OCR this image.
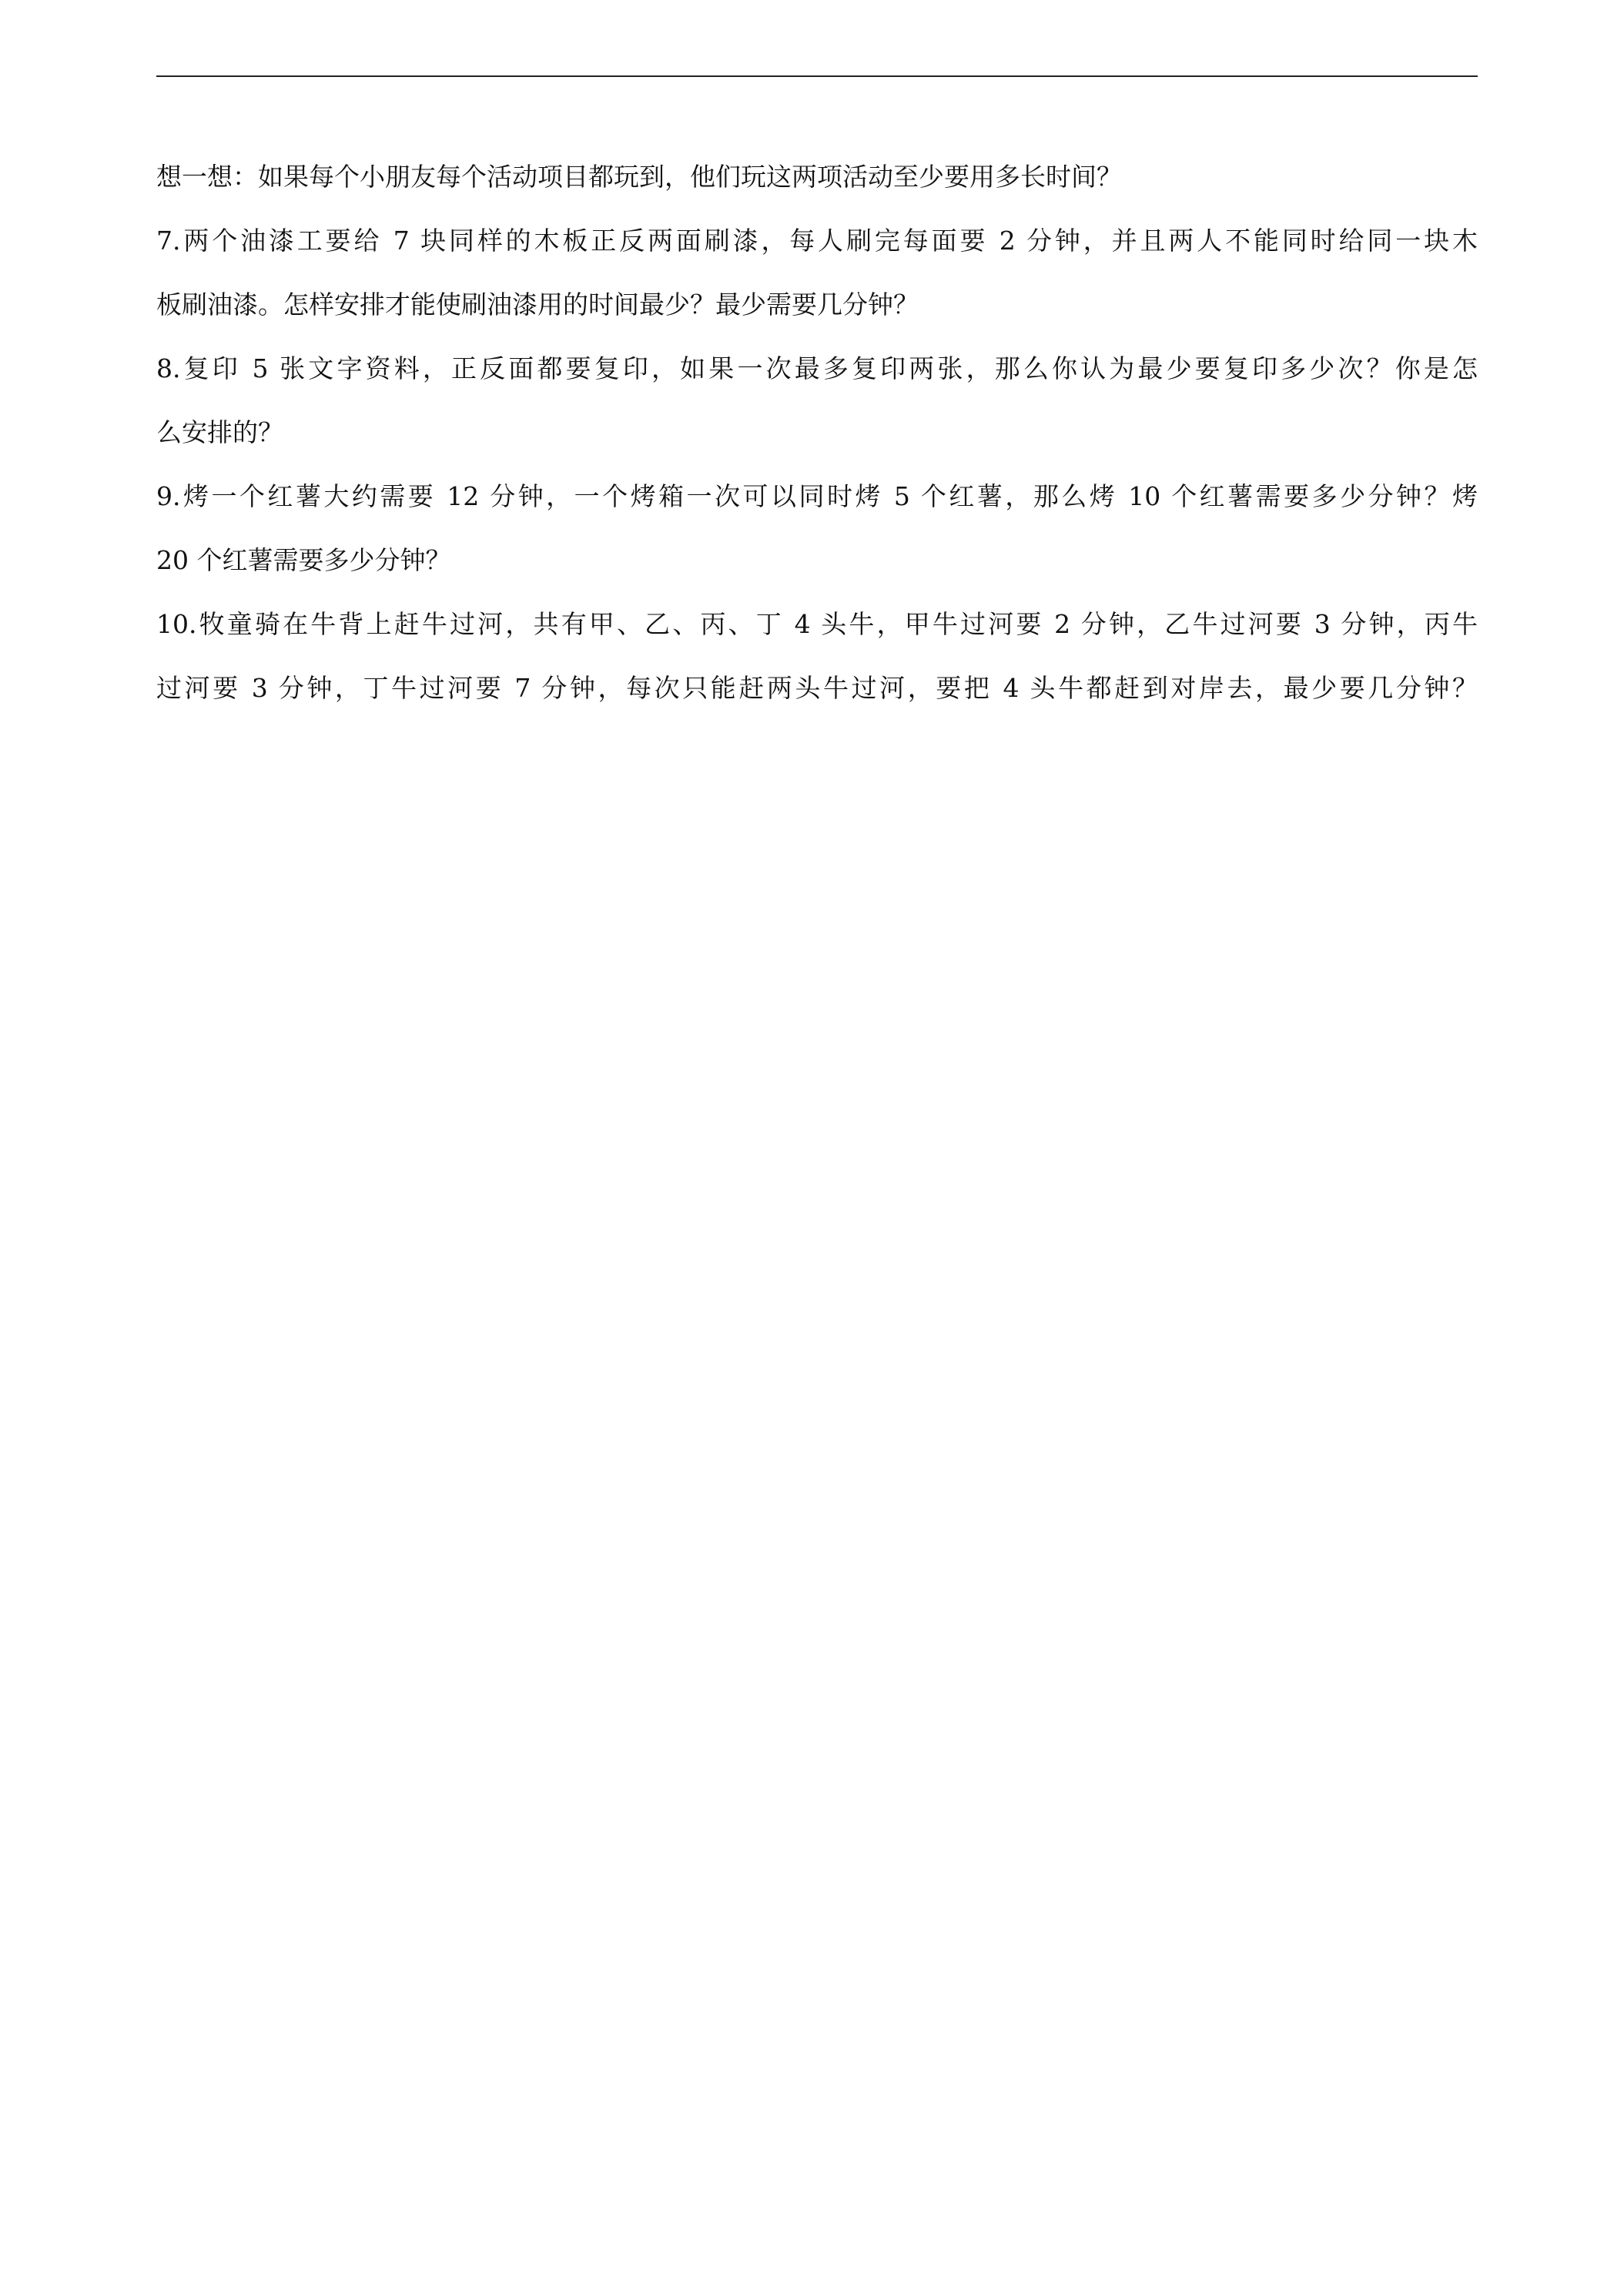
想一想：如果每个小朋友每个活动项目都玩到，他们玩这两项活动至少要用多长时间？
7.两个油漆工要给 7 块同样的木板正反两面刷漆，每人刷完每面要 2 分钟，并且两人不能同时给同一块木
板刷油漆。怎样安排才能使刷油漆用的时间最少？最少需要几分钟？
8.复印 5 张文字资料，正反面都要复印，如果一次最多复印两张，那么你认为最少要复印多少次？你是怎
么安排的？
9.烤一个红薯大约需要 12 分钟，一个烤箱一次可以同时烤 5 个红薯，那么烤 10 个红薯需要多少分钟？烤
20 个红薯需要多少分钟？
10.牧童骑在牛背上赶牛过河，共有甲、乙、丙、丁 4 头牛，甲牛过河要 2 分钟，乙牛过河要 3 分钟，丙牛
过河要 3 分钟，丁牛过河要 7 分钟，每次只能赶两头牛过河，要把 4 头牛都赶到对岸去，最少要几分钟？
